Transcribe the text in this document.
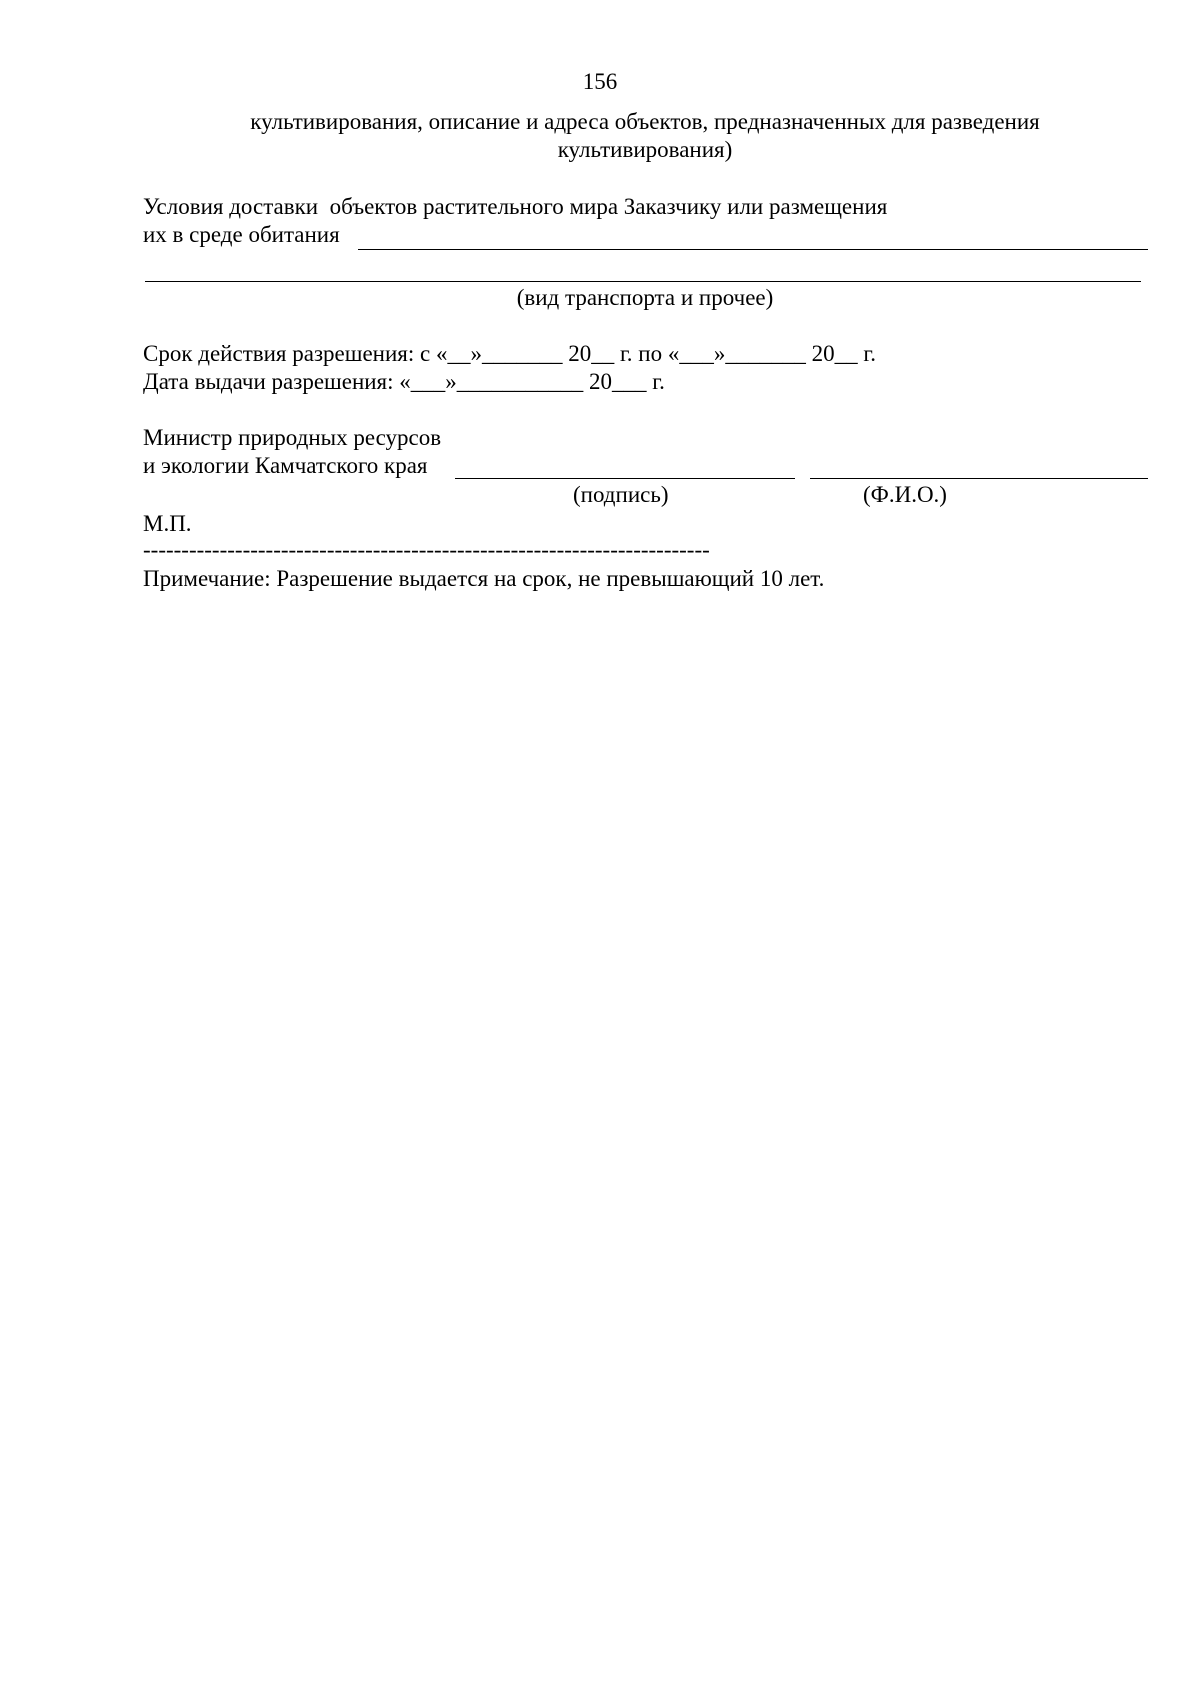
156
культивирования, описание и адреса объектов, предназначенных для разведения
культивирования)
Условия доставки  объектов растительного мира Заказчику или размещения
их в среде обитания
(вид транспорта и прочее)
Срок действия разрешения: с «__»_______ 20__ г. по «___»_______ 20__ г.
Дата выдачи разрешения: «___»___________ 20___ г.
Министр природных ресурсов
и экологии Камчатского края
(подпись)	(Ф.И.О.)
М.П.
--------------------------------------------------------------------------
Примечание: Разрешение выдается на срок, не превышающий 10 лет.
